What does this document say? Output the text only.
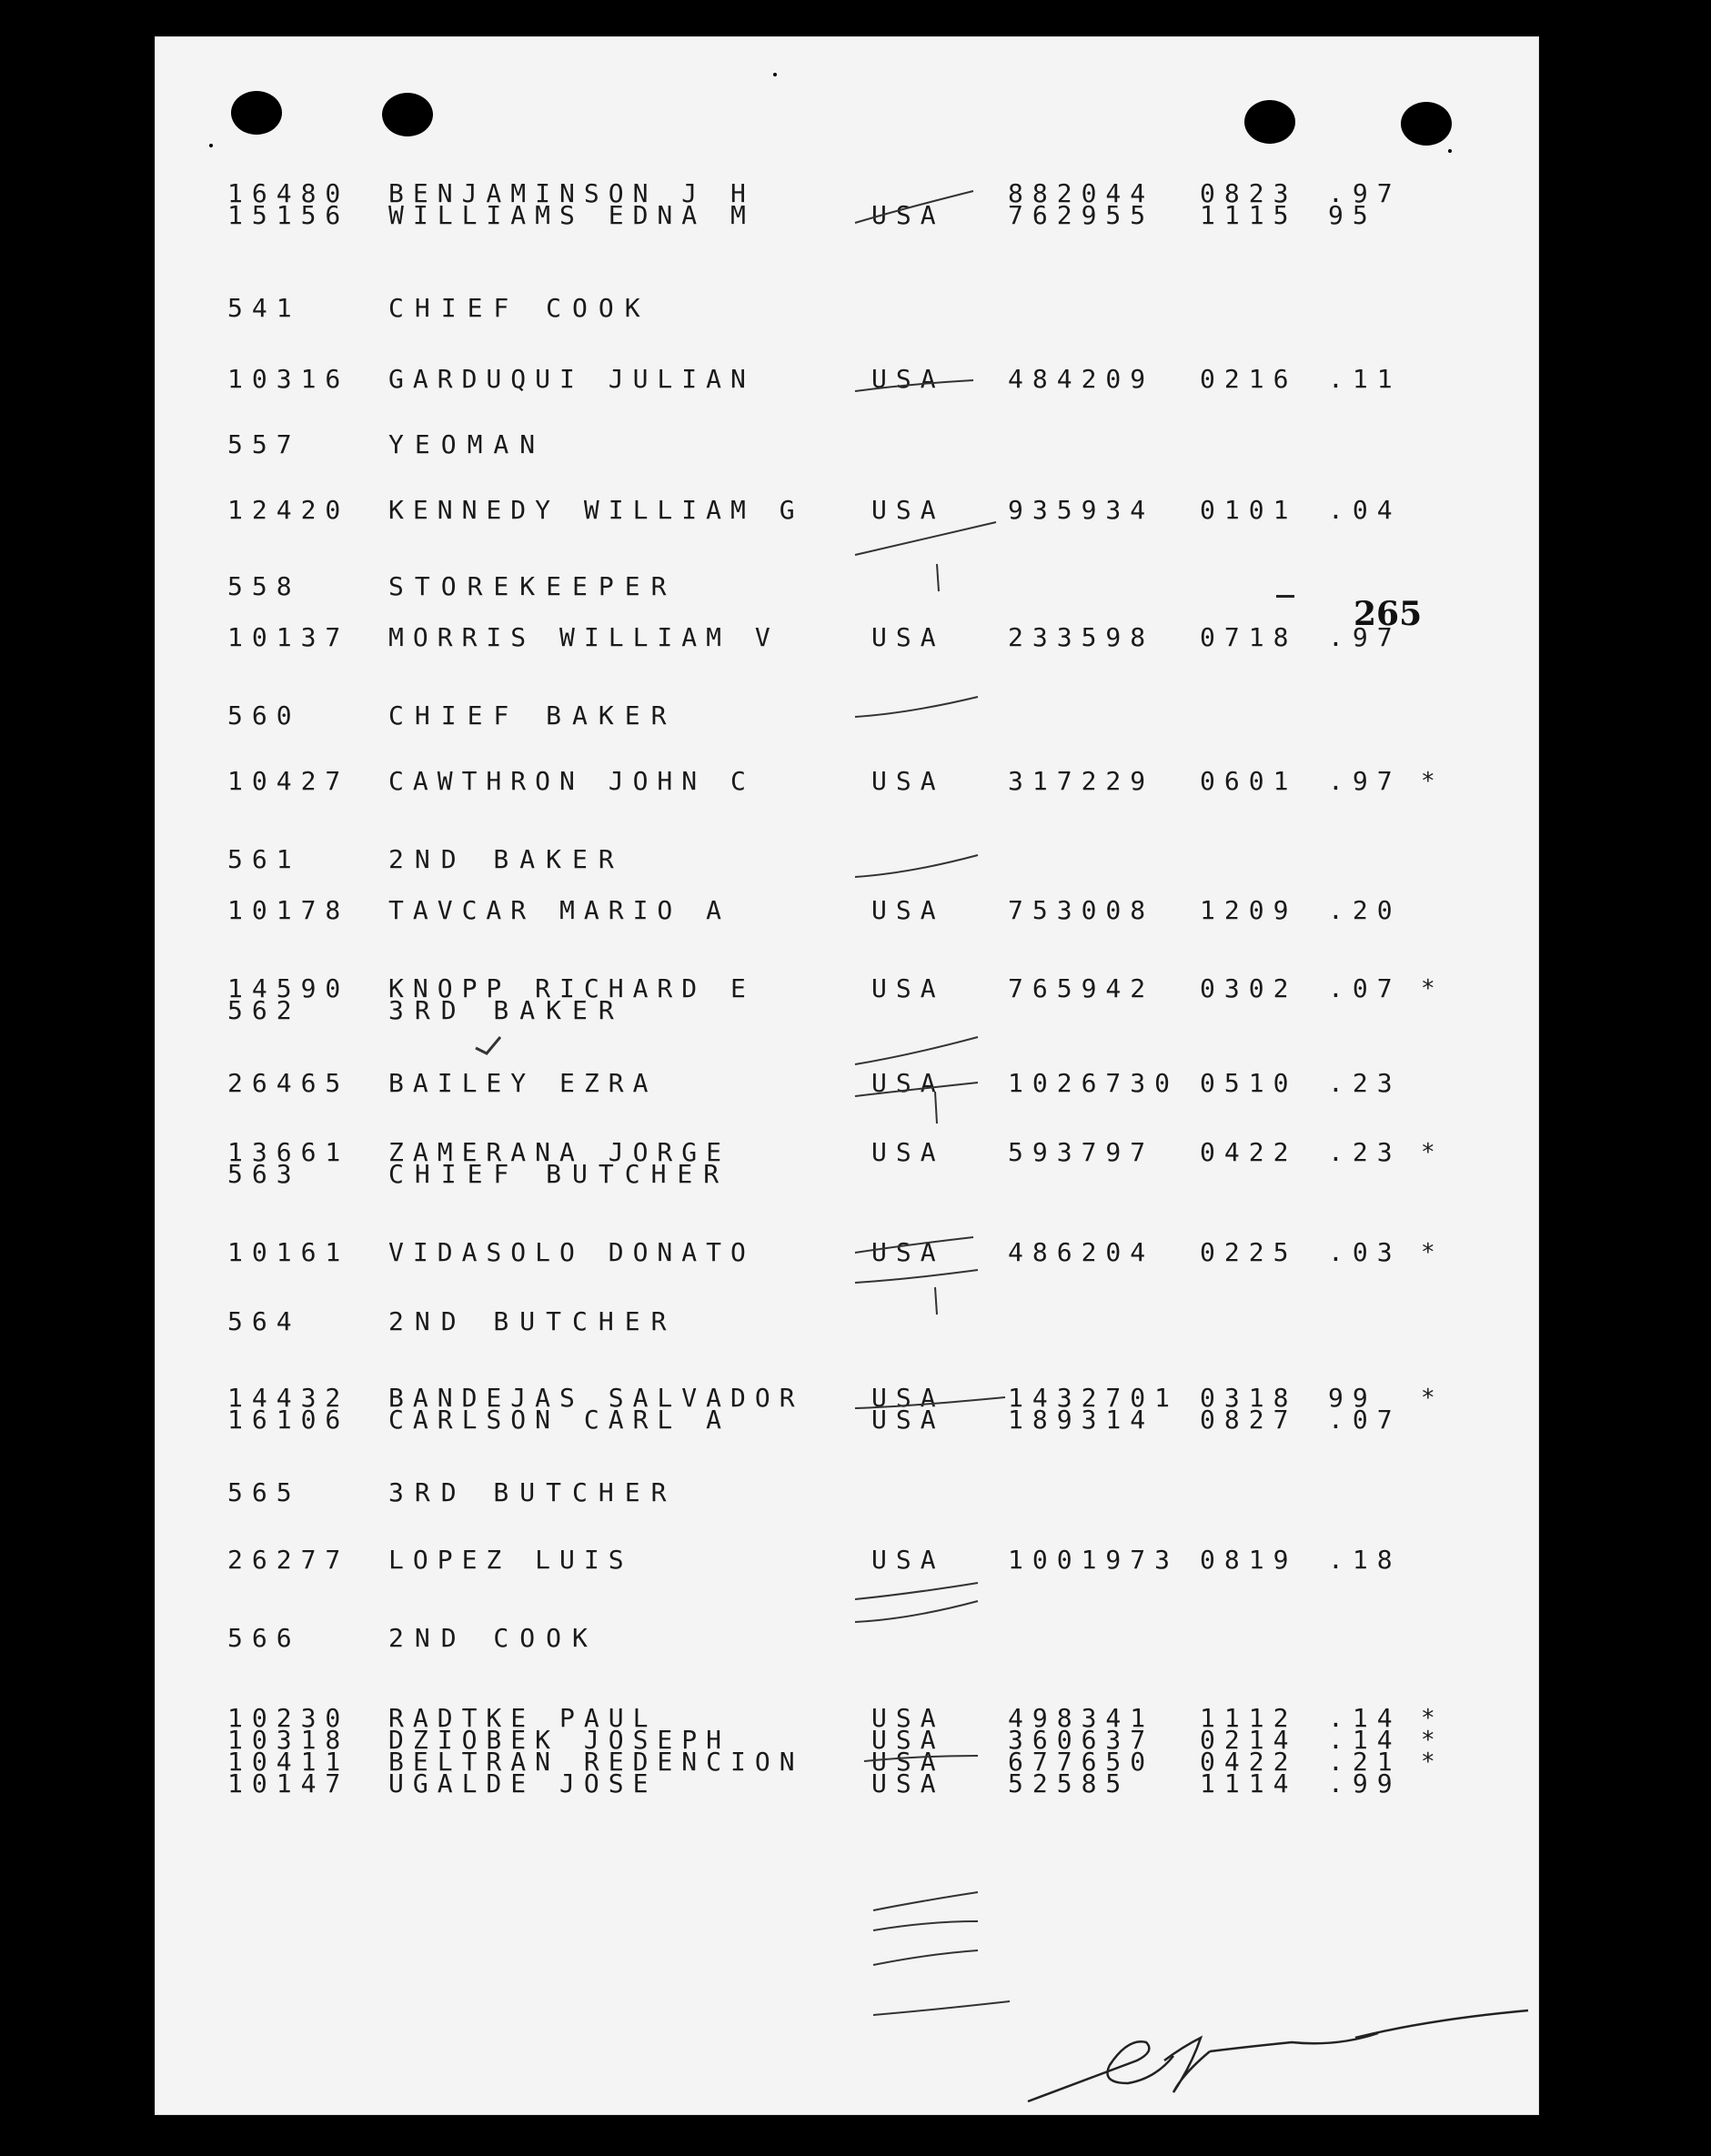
265
16480 BENJAMINSON J H	882044 0823 .97
15156 WILLIAMS EDNA M	USA 762955 1115 95
541	CHIEF COOK
10316 GARDUQUI JULIAN	USA 484209 0216 .11
557	YEOMAN
12420 KENNEDY WILLIAM G	USA 935934 0101 .04
558	STOREKEEPER
10137 MORRIS WILLIAM V	USA 233598 0718 .97
560	CHIEF BAKER
10427 CAWTHRON JOHN C	USA 317229 0601 .97 *
561	2ND BAKER
10178 TAVCAR MARIO A	USA 753008 1209 .20
14590 KNOPP RICHARD E	USA 765942 0302 .07 *
562	3RD BAKER
26465 BAILEY EZRA	USA 1026730 0510 .23
13661 ZAMERANA JORGE	USA 593797 0422 .23 *
563	CHIEF BUTCHER
10161 VIDASOLO DONATO	USA 486204 0225 .03 *
564	2ND BUTCHER
14432 BANDEJAS SALVADOR	USA 1432701 0318 99 *
16106 CARLSON CARL A	USA 189314 0827 .07
565	3RD BUTCHER
26277 LOPEZ LUIS	USA 1001973 0819 .18
566	2ND COOK
10230 RADTKE PAUL	USA 498341 1112 .14 *
10318 DZIOBEK JOSEPH	USA 360637 0214 .14 *
10411 BELTRAN REDENCION	USA 677650 0422 .21 *
10147 UGALDE JOSE	USA 52585	1114 .99
